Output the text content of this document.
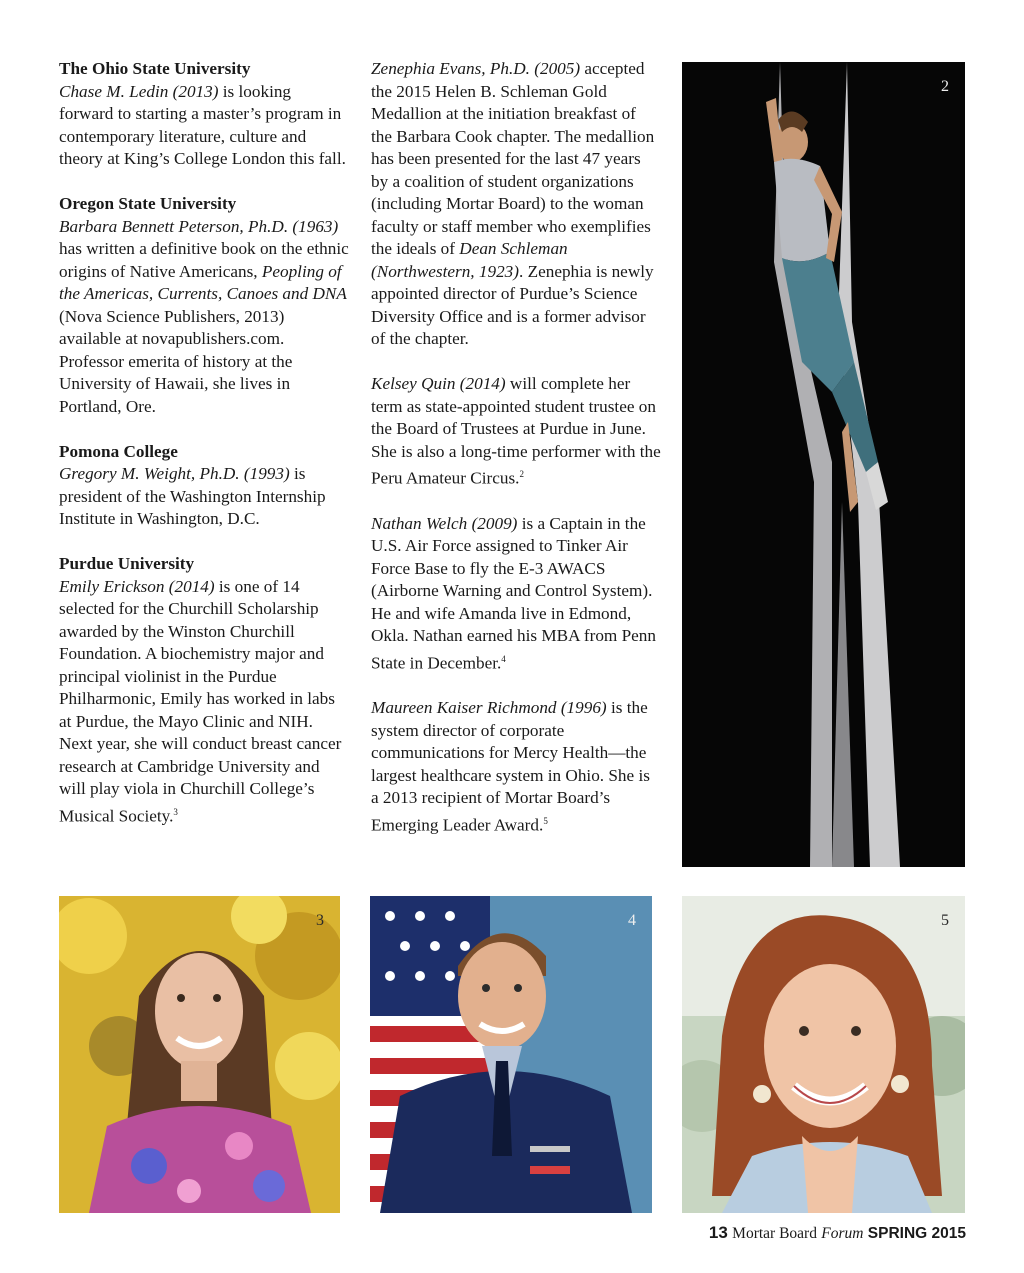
The Ohio State University
Chase M. Ledin (2013) is looking forward to starting a master’s program in contemporary literature, culture and theory at King’s College London this fall.

Oregon State University
Barbara Bennett Peterson, Ph.D. (1963) has written a definitive book on the ethnic origins of Native Americans, Peopling of the Americas, Currents, Canoes and DNA (Nova Science Publishers, 2013) available at novapublishers.com. Professor emerita of history at the University of Hawaii, she lives in Portland, Ore.

Pomona College
Gregory M. Weight, Ph.D. (1993) is president of the Washington Internship Institute in Washington, D.C.

Purdue University
Emily Erickson (2014) is one of 14 selected for the Churchill Scholarship awarded by the Winston Churchill Foundation. A biochemistry major and principal violinist in the Purdue Philharmonic, Emily has worked in labs at Purdue, the Mayo Clinic and NIH. Next year, she will conduct breast cancer research at Cambridge University and will play viola in Churchill College’s Musical Society.$^3$

Zenephia Evans, Ph.D. (2005) accepted the 2015 Helen B. Schleman Gold Medallion at the initiation breakfast of the Barbara Cook chapter. The medallion has been presented for the last 47 years by a coalition of student organizations (including Mortar Board) to the woman faculty or staff member who exemplifies the ideals of Dean Schleman (Northwestern, 1923). Zenephia is newly appointed director of Purdue’s Science Diversity Office and is a former advisor of the chapter.

Kelsey Quin (2014) will complete her term as state-appointed student trustee on the Board of Trustees at Purdue in June. She is also a long-time performer with the Peru Amateur Circus.$^2$

Nathan Welch (2009) is a Captain in the U.S. Air Force assigned to Tinker Air Force Base to fly the E-3 AWACS (Airborne Warning and Control System). He and wife Amanda live in Edmond, Okla. Nathan earned his MBA from Penn State in December.$^4$

Maureen Kaiser Richmond (1996) is the system director of corporate communications for Mercy Health—the largest healthcare system in Ohio. She is a 2013 recipient of Mortar Board’s Emerging Leader Award.$^5$

2
3	4	5
13 Mortar Board Forum SPRING 2015
